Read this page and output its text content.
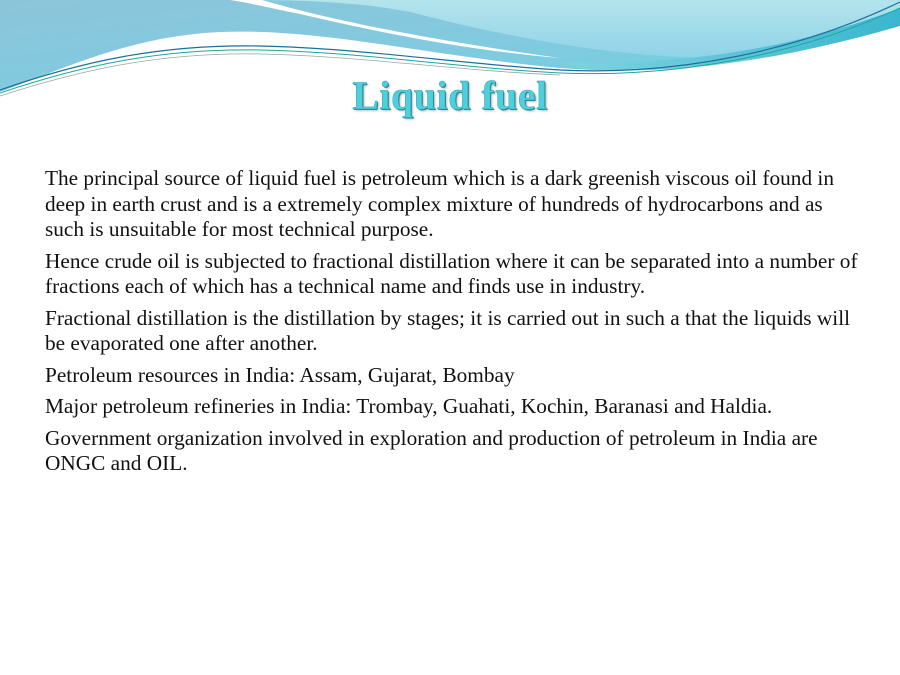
Liquid fuel

The principal source of liquid fuel is petroleum which is a dark greenish viscous oil found in deep in earth crust and is a extremely complex mixture of hundreds of hydrocarbons and as such is unsuitable for most technical purpose.

Hence crude oil is subjected to fractional distillation where it can be separated into a number of fractions each of which has a technical name and finds use in industry.

Fractional distillation is the distillation by stages; it is carried out in such a that the liquids will be evaporated one after another.

Petroleum resources in India: Assam, Gujarat, Bombay

Major petroleum refineries in India: Trombay, Guahati, Kochin, Baranasi and Haldia.

Government organization involved in exploration and production of petroleum in India are ONGC and OIL.
